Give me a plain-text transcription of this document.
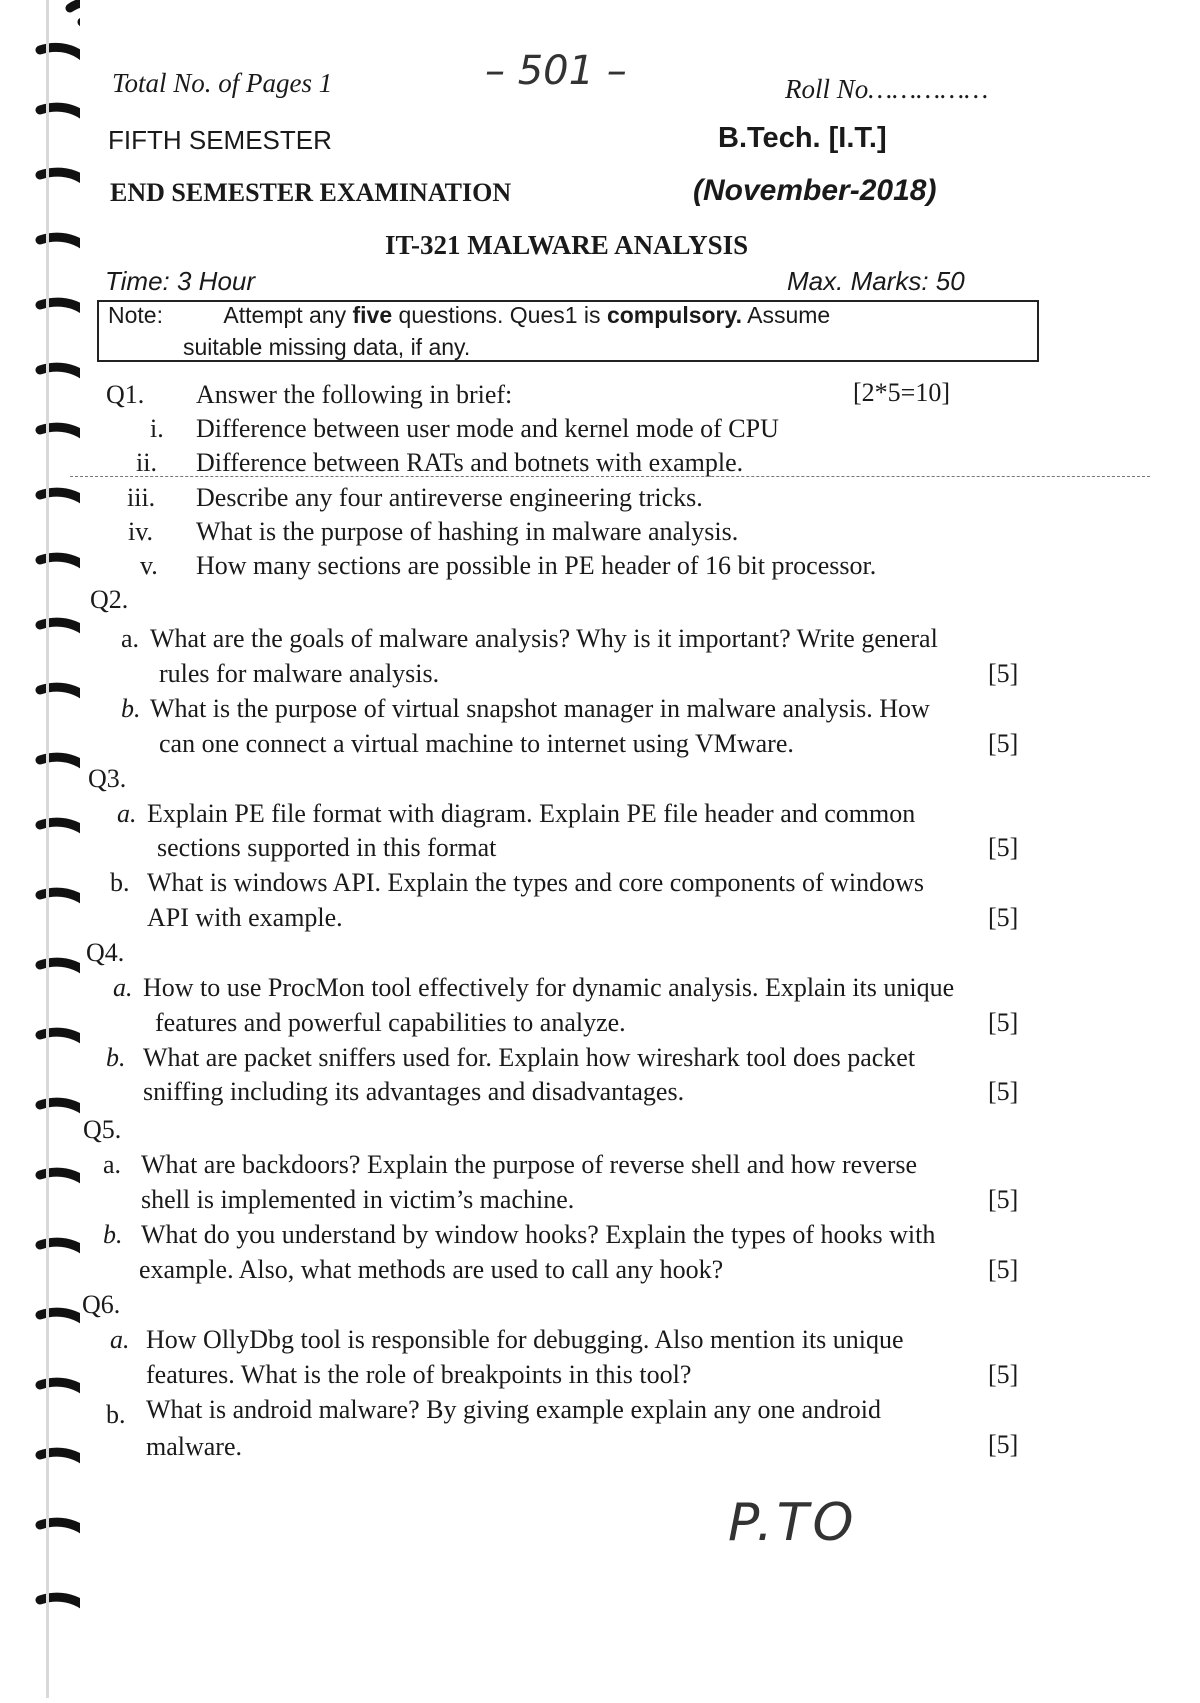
Total No. of Pages 1	– 501 –	Roll No……………
FIFTH SEMESTER	B.Tech. [I.T.]
END SEMESTER EXAMINATION	(November-2018)
IT-321 MALWARE ANALYSIS
Time: 3 Hour	Max. Marks: 50
Note:	Attempt any five questions. Ques1 is compulsory. Assume
suitable missing data, if any.
Q1. Answer the following in brief:	[2*5=10]
i. Difference between user mode and kernel mode of CPU
ii. Difference between RATs and botnets with example.
iii. Describe any four antireverse engineering tricks.
iv. What is the purpose of hashing in malware analysis.
v. How many sections are possible in PE header of 16 bit processor.
Q2.
a. What are the goals of malware analysis? Why is it important? Write general
rules for malware analysis.	[5]
b. What is the purpose of virtual snapshot manager in malware analysis. How
can one connect a virtual machine to internet using VMware.	[5]
Q3.
a. Explain PE file format with diagram. Explain PE file header and common
sections supported in this format	[5]
b. What is windows API. Explain the types and core components of windows
API with example.	[5]
Q4.
a. How to use ProcMon tool effectively for dynamic analysis. Explain its unique
features and powerful capabilities to analyze.	[5]
b. What are packet sniffers used for. Explain how wireshark tool does packet
sniffing including its advantages and disadvantages.	[5]
Q5.
a. What are backdoors? Explain the purpose of reverse shell and how reverse
shell is implemented in victim’s machine.	[5]
b. What do you understand by window hooks? Explain the types of hooks with
example. Also, what methods are used to call any hook?	[5]
Q6.
a. How OllyDbg tool is responsible for debugging. Also mention its unique
features. What is the role of breakpoints in this tool?	[5]
b. What is android malware? By giving example explain any one android
malware.	[5]
P.TO
